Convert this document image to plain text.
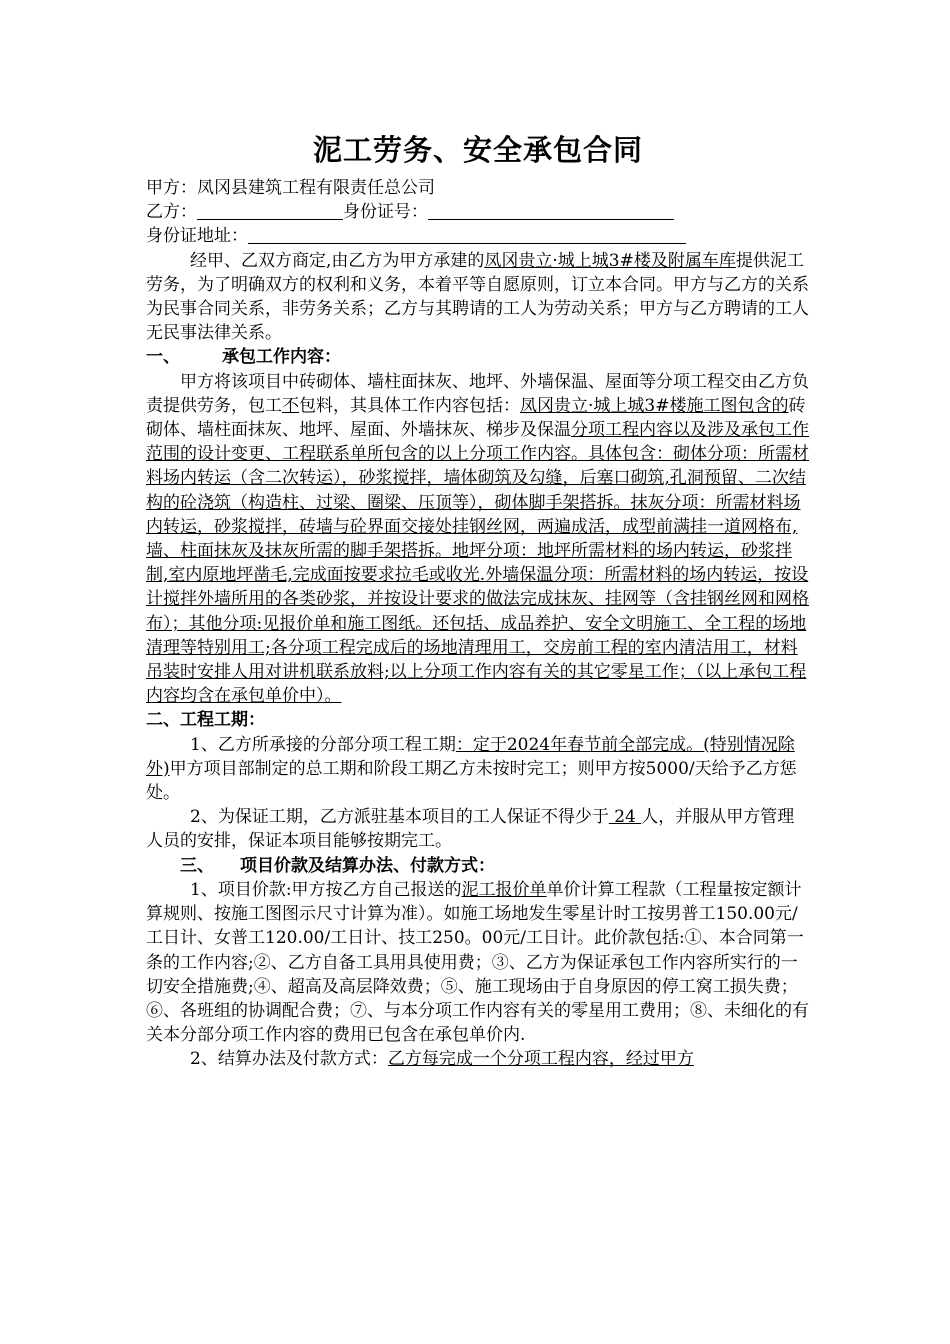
泥工劳务、安全承包合同

甲方：凤冈县建筑工程有限责任总公司

乙方：	身份证号：

身份证地址：

经甲、乙双方商定,由乙方为甲方承建的凤冈贵立·城上城3#楼及附属车库提供泥工劳务，为了明确双方的权利和义务，本着平等自愿原则，订立本合同。甲方与乙方的关系为民事合同关系，非劳务关系；乙方与其聘请的工人为劳动关系；甲方与乙方聘请的工人无民事法律关系。

一、 承包工作内容：

甲方将该项目中砖砌体、墙柱面抹灰、地坪、外墙保温、屋面等分项工程交由乙方负责提供劳务，包工不包料，其具体工作内容包括：凤冈贵立·城上城3#楼施工图包含的砖砌体、墙柱面抹灰、地坪、屋面、外墙抹灰、梯步及保温分项工程内容以及涉及承包工作范围的设计变更、工程联系单所包含的以上分项工作内容。具体包含：砌体分项：所需材料场内转运（含二次转运），砂浆搅拌，墙体砌筑及勾缝，后塞口砌筑,孔洞预留、二次结构的砼浇筑（构造柱、过梁、圈梁、压顶等），砌体脚手架搭拆。抹灰分项：所需材料场内转运，砂浆搅拌，砖墙与砼界面交接处挂钢丝网，两遍成活，成型前满挂一道网格布,墙、柱面抹灰及抹灰所需的脚手架搭拆。地坪分项：地坪所需材料的场内转运，砂浆拌制,室内原地坪凿毛,完成面按要求拉毛或收光.外墙保温分项：所需材料的场内转运，按设计搅拌外墙所用的各类砂浆，并按设计要求的做法完成抹灰、挂网等（含挂钢丝网和网格布）；其他分项:见报价单和施工图纸。还包括、成品养护、安全文明施工、全工程的场地清理等特别用工;各分项工程完成后的场地清理用工，交房前工程的室内清洁用工，材料吊装时安排人用对讲机联系放料;以上分项工作内容有关的其它零星工作；（以上承包工程内容均含在承包单价中）。

二、工程工期：

1、乙方所承接的分部分项工程工期：定于2024年春节前全部完成。(特别情况除外)甲方项目部制定的总工期和阶段工期乙方未按时完工；则甲方按5000/天给予乙方惩处。

2、为保证工期，乙方派驻基本项目的工人保证不得少于 24 人，并服从甲方管理人员的安排，保证本项目能够按期完工。

三、 项目价款及结算办法、付款方式：

1、项目价款:甲方按乙方自己报送的泥工报价单单价计算工程款（工程量按定额计算规则、按施工图图示尺寸计算为准）。如施工场地发生零星计时工按男普工150.00元/工日计、女普工120.00/工日计、技工250。00元/工日计。此价款包括:①、本合同第一条的工作内容;②、乙方自备工具用具使用费；③、乙方为保证承包工作内容所实行的一切安全措施费;④、超高及高层降效费；⑤、施工现场由于自身原因的停工窝工损失费；⑥、各班组的协调配合费；⑦、与本分项工作内容有关的零星用工费用；⑧、未细化的有关本分部分项工作内容的费用已包含在承包单价内.

2、结算办法及付款方式：乙方每完成一个分项工程内容，经过甲方
